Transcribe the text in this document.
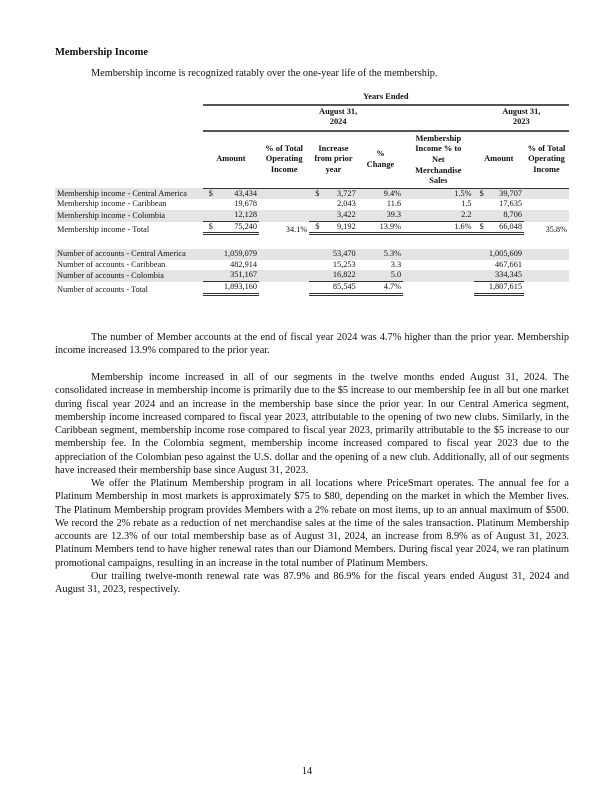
Membership Income
Membership income is recognized ratably over the one-year life of the membership.
	Years Ended									

August 31,
2024

August 31,
2023

Amount

% of Total
Operating
Income

Increase
from prior
year

%
Change

Membership
Income % to
Net
Merchandise
Sales

Amount

% of Total
Operating
Income

Membership income - Central America	$	43,434		$	3,727	9.4%	1.5%	$	39,707	
Membership income - Caribbean		19,678			2,043	11.6	1.5		17,635	
Membership income - Colombia		12,128			3,422	39.3	2.2		8,706	
Membership income - Total	$	75,240	34.1%	$	9,192	13.9%	1.6%	$	66,048	35.8%

Number of accounts - Central America		1,059,079			53,470	5.3%			1,005,609	
Number of accounts - Caribbean		482,914			15,253	3.3			467,661	
Number of accounts - Colombia		351,167			16,822	5.0			334,345	
Number of accounts - Total		1,893,160			85,545	4.7%			1,807,615	
The number of Member accounts at the end of fiscal year 2024 was 4.7% higher than the prior year. Membership income increased 13.9% compared to the prior year.
Membership income increased in all of our segments in the twelve months ended August 31, 2024. The consolidated increase in membership income is primarily due to the $5 increase to our membership fee in all but one market during fiscal year 2024 and an increase in the membership base since the prior year. In our Central America segment, membership income increased compared to fiscal year 2023, attributable to the opening of two new clubs. Similarly, in the Caribbean segment, membership income rose compared to fiscal year 2023, primarily attributable to the $5 increase to our membership fee. In the Colombia segment, membership income increased compared to fiscal year 2023 due to the appreciation of the Colombian peso against the U.S. dollar and the opening of a new club. Additionally, all of our segments have increased their membership base since August 31, 2023.
We offer the Platinum Membership program in all locations where PriceSmart operates. The annual fee for a Platinum Membership in most markets is approximately $75 to $80, depending on the market in which the Member lives. The Platinum Membership program provides Members with a 2% rebate on most items, up to an annual maximum of $500. We record the 2% rebate as a reduction of net merchandise sales at the time of the sales transaction. Platinum Membership accounts are 12.3% of our total membership base as of August 31, 2024, an increase from 8.9% as of August 31, 2023. Platinum Members tend to have higher renewal rates than our Diamond Members. During fiscal year 2024, we ran platinum promotional campaigns, resulting in an increase in the total number of Platinum Members.
Our trailing twelve-month renewal rate was 87.9% and 86.9% for the fiscal years ended August 31, 2024 and August 31, 2023, respectively.
14
